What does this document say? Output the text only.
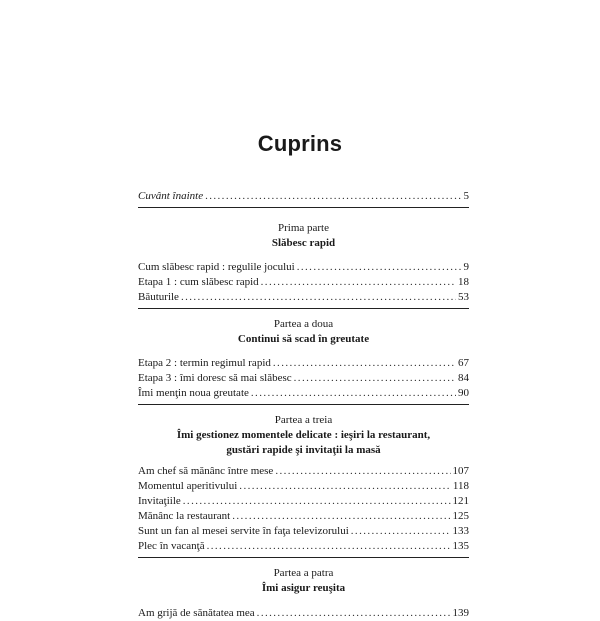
Cuprins
Cuvânt înainte .....	5
Prima parte
Slăbesc rapid
Cum slăbesc rapid : regulile jocului .....	9
Etapa 1 : cum slăbesc rapid .....	18
Băuturile .....	53
Partea a doua
Continui să scad în greutate
Etapa 2 : termin regimul rapid .....	67
Etapa 3 : îmi doresc să mai slăbesc .....	84
Îmi menţin noua greutate .....	90
Partea a treia
Îmi gestionez momentele delicate : ieşiri la restaurant,
gustări rapide şi invitaţii la masă
Am chef să mănânc între mese .....	107
Momentul aperitivului .....	118
Invitaţiile .....	121
Mănânc la restaurant .....	125
Sunt un fan al mesei servite în faţa televizorului .....	133
Plec în vacanţă .....	135
Partea a patra
Îmi asigur reuşita
Am grijă de sănătatea mea .....	139
